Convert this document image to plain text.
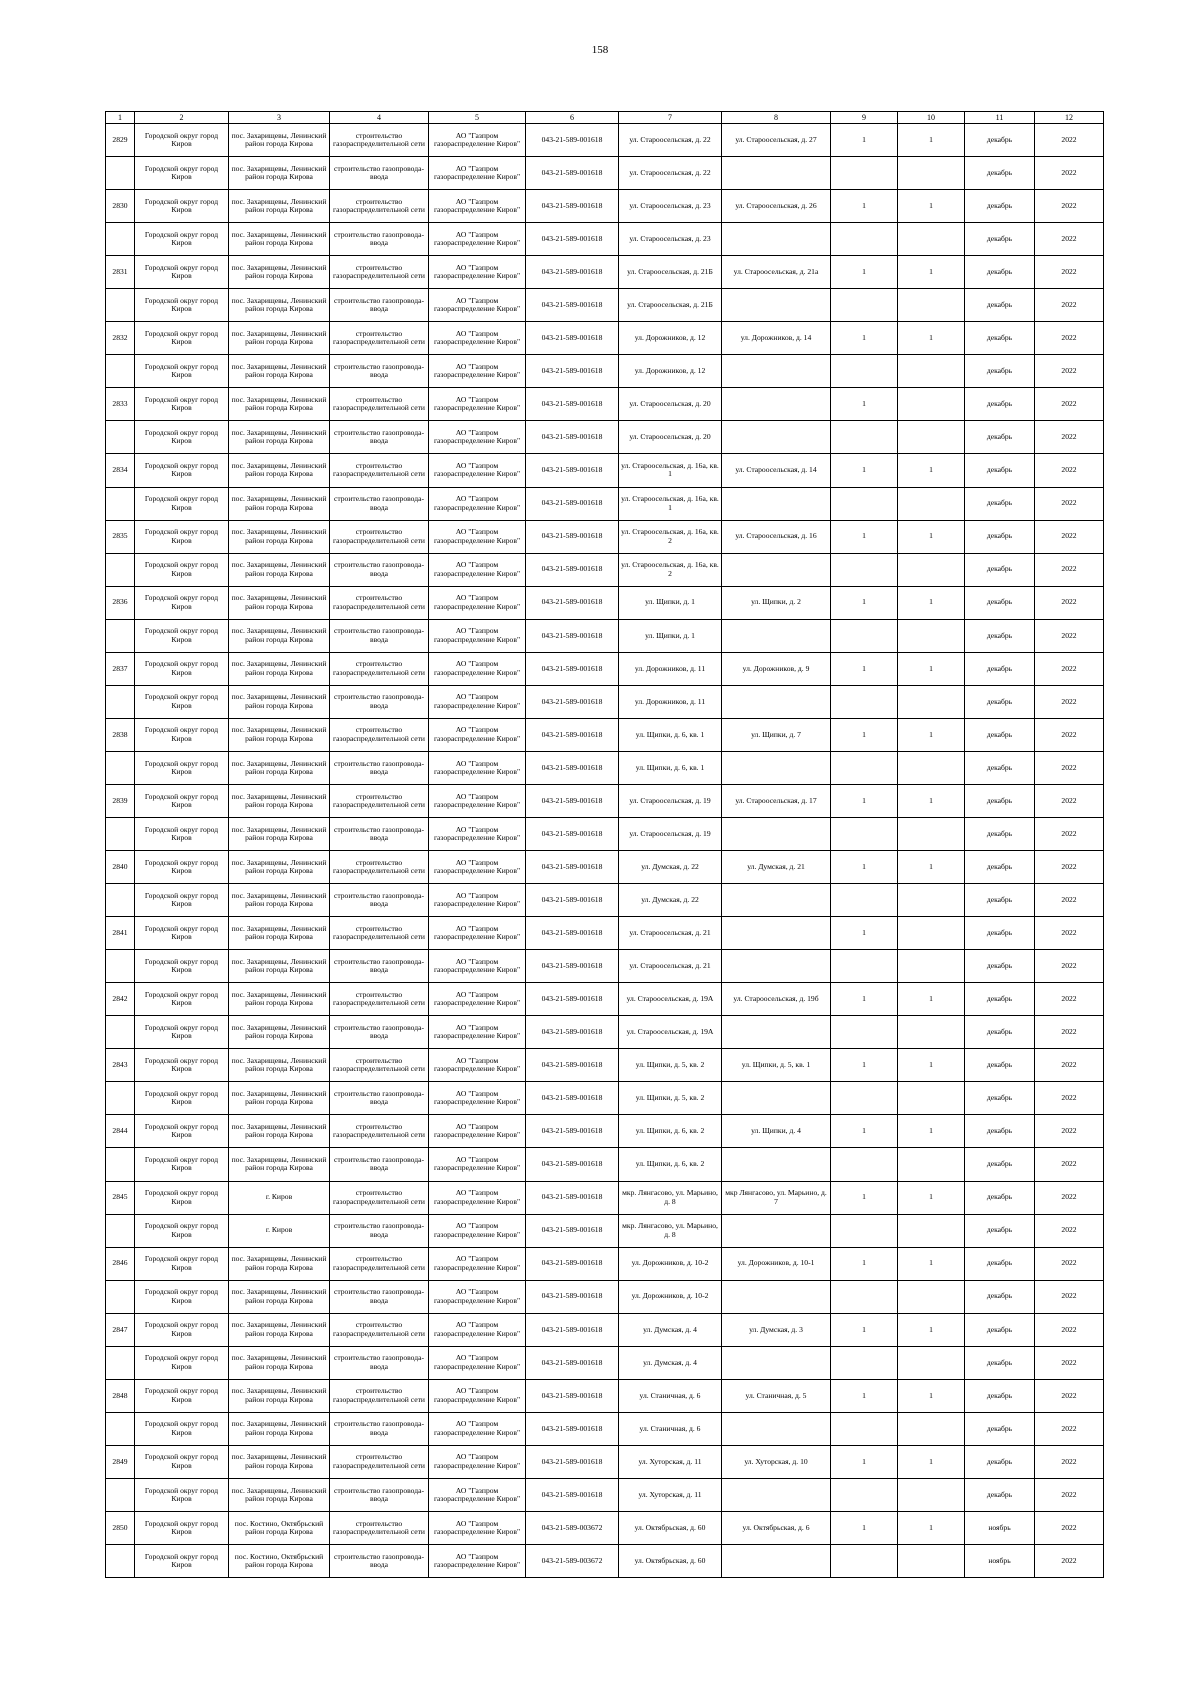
158
1	2	3	4	5	6	7	8	9	10	11	12
2829	Городской округ город Киров	пос. Захарищевы, Ленинский район города Кирова	строительство газораспределительной сети	АО "Газпром газораспределение Киров"	043-21-589-001618	ул. Староосельская, д. 22	ул. Староосельская, д. 27	1	1	декабрь	2022
	Городской округ город Киров	пос. Захарищевы, Ленинский район города Кирова	строительство газопровода-ввода	АО "Газпром газораспределение Киров"	043-21-589-001618	ул. Староосельская, д. 22				декабрь	2022
2830	Городской округ город Киров	пос. Захарищевы, Ленинский район города Кирова	строительство газораспределительной сети	АО "Газпром газораспределение Киров"	043-21-589-001618	ул. Староосельская, д. 23	ул. Староосельская, д. 26	1	1	декабрь	2022
	Городской округ город Киров	пос. Захарищевы, Ленинский район города Кирова	строительство газопровода-ввода	АО "Газпром газораспределение Киров"	043-21-589-001618	ул. Староосельская, д. 23				декабрь	2022
2831	Городской округ город Киров	пос. Захарищевы, Ленинский район города Кирова	строительство газораспределительной сети	АО "Газпром газораспределение Киров"	043-21-589-001618	ул. Староосельская, д. 21Б	ул. Староосельская, д. 21а	1	1	декабрь	2022
	Городской округ город Киров	пос. Захарищевы, Ленинский район города Кирова	строительство газопровода-ввода	АО "Газпром газораспределение Киров"	043-21-589-001618	ул. Староосельская, д. 21Б				декабрь	2022
2832	Городской округ город Киров	пос. Захарищевы, Ленинский район города Кирова	строительство газораспределительной сети	АО "Газпром газораспределение Киров"	043-21-589-001618	ул. Дорожников, д. 12	ул. Дорожников, д. 14	1	1	декабрь	2022
	Городской округ город Киров	пос. Захарищевы, Ленинский район города Кирова	строительство газопровода-ввода	АО "Газпром газораспределение Киров"	043-21-589-001618	ул. Дорожников, д. 12				декабрь	2022
2833	Городской округ город Киров	пос. Захарищевы, Ленинский район города Кирова	строительство газораспределительной сети	АО "Газпром газораспределение Киров"	043-21-589-001618	ул. Староосельская, д. 20		1		декабрь	2022
	Городской округ город Киров	пос. Захарищевы, Ленинский район города Кирова	строительство газопровода-ввода	АО "Газпром газораспределение Киров"	043-21-589-001618	ул. Староосельская, д. 20				декабрь	2022
2834	Городской округ город Киров	пос. Захарищевы, Ленинский район города Кирова	строительство газораспределительной сети	АО "Газпром газораспределение Киров"	043-21-589-001618	ул. Староосельская, д. 16а, кв. 1	ул. Староосельская, д. 14	1	1	декабрь	2022
	Городской округ город Киров	пос. Захарищевы, Ленинский район города Кирова	строительство газопровода-ввода	АО "Газпром газораспределение Киров"	043-21-589-001618	ул. Староосельская, д. 16а, кв. 1				декабрь	2022
2835	Городской округ город Киров	пос. Захарищевы, Ленинский район города Кирова	строительство газораспределительной сети	АО "Газпром газораспределение Киров"	043-21-589-001618	ул. Староосельская, д. 16а, кв. 2	ул. Староосельская, д. 16	1	1	декабрь	2022
	Городской округ город Киров	пос. Захарищевы, Ленинский район города Кирова	строительство газопровода-ввода	АО "Газпром газораспределение Киров"	043-21-589-001618	ул. Староосельская, д. 16а, кв. 2				декабрь	2022
2836	Городской округ город Киров	пос. Захарищевы, Ленинский район города Кирова	строительство газораспределительной сети	АО "Газпром газораспределение Киров"	043-21-589-001618	ул. Щипки, д. 1	ул. Щипки, д. 2	1	1	декабрь	2022
	Городской округ город Киров	пос. Захарищевы, Ленинский район города Кирова	строительство газопровода-ввода	АО "Газпром газораспределение Киров"	043-21-589-001618	ул. Щипки, д. 1				декабрь	2022
2837	Городской округ город Киров	пос. Захарищевы, Ленинский район города Кирова	строительство газораспределительной сети	АО "Газпром газораспределение Киров"	043-21-589-001618	ул. Дорожников, д. 11	ул. Дорожников, д. 9	1	1	декабрь	2022
	Городской округ город Киров	пос. Захарищевы, Ленинский район города Кирова	строительство газопровода-ввода	АО "Газпром газораспределение Киров"	043-21-589-001618	ул. Дорожников, д. 11				декабрь	2022
2838	Городской округ город Киров	пос. Захарищевы, Ленинский район города Кирова	строительство газораспределительной сети	АО "Газпром газораспределение Киров"	043-21-589-001618	ул. Щипки, д. 6, кв. 1	ул. Щипки, д. 7	1	1	декабрь	2022
	Городской округ город Киров	пос. Захарищевы, Ленинский район города Кирова	строительство газопровода-ввода	АО "Газпром газораспределение Киров"	043-21-589-001618	ул. Щипки, д. 6, кв. 1				декабрь	2022
2839	Городской округ город Киров	пос. Захарищевы, Ленинский район города Кирова	строительство газораспределительной сети	АО "Газпром газораспределение Киров"	043-21-589-001618	ул. Староосельская, д. 19	ул. Староосельская, д. 17	1	1	декабрь	2022
	Городской округ город Киров	пос. Захарищевы, Ленинский район города Кирова	строительство газопровода-ввода	АО "Газпром газораспределение Киров"	043-21-589-001618	ул. Староосельская, д. 19				декабрь	2022
2840	Городской округ город Киров	пос. Захарищевы, Ленинский район города Кирова	строительство газораспределительной сети	АО "Газпром газораспределение Киров"	043-21-589-001618	ул. Думская, д. 22	ул. Думская, д. 21	1	1	декабрь	2022
	Городской округ город Киров	пос. Захарищевы, Ленинский район города Кирова	строительство газопровода-ввода	АО "Газпром газораспределение Киров"	043-21-589-001618	ул. Думская, д. 22				декабрь	2022
2841	Городской округ город Киров	пос. Захарищевы, Ленинский район города Кирова	строительство газораспределительной сети	АО "Газпром газораспределение Киров"	043-21-589-001618	ул. Староосельская, д. 21		1		декабрь	2022
	Городской округ город Киров	пос. Захарищевы, Ленинский район города Кирова	строительство газопровода-ввода	АО "Газпром газораспределение Киров"	043-21-589-001618	ул. Староосельская, д. 21				декабрь	2022
2842	Городской округ город Киров	пос. Захарищевы, Ленинский район города Кирова	строительство газораспределительной сети	АО "Газпром газораспределение Киров"	043-21-589-001618	ул. Староосельская, д. 19А	ул. Староосельская, д. 19б	1	1	декабрь	2022
	Городской округ город Киров	пос. Захарищевы, Ленинский район города Кирова	строительство газопровода-ввода	АО "Газпром газораспределение Киров"	043-21-589-001618	ул. Староосельская, д. 19А				декабрь	2022
2843	Городской округ город Киров	пос. Захарищевы, Ленинский район города Кирова	строительство газораспределительной сети	АО "Газпром газораспределение Киров"	043-21-589-001618	ул. Щипки, д. 5, кв. 2	ул. Щипки, д. 5, кв. 1	1	1	декабрь	2022
	Городской округ город Киров	пос. Захарищевы, Ленинский район города Кирова	строительство газопровода-ввода	АО "Газпром газораспределение Киров"	043-21-589-001618	ул. Щипки, д. 5, кв. 2				декабрь	2022
2844	Городской округ город Киров	пос. Захарищевы, Ленинский район города Кирова	строительство газораспределительной сети	АО "Газпром газораспределение Киров"	043-21-589-001618	ул. Щипки, д. 6, кв. 2	ул. Щипки, д. 4	1	1	декабрь	2022
	Городской округ город Киров	пос. Захарищевы, Ленинский район города Кирова	строительство газопровода-ввода	АО "Газпром газораспределение Киров"	043-21-589-001618	ул. Щипки, д. 6, кв. 2				декабрь	2022
2845	Городской округ город Киров	г. Киров	строительство газораспределительной сети	АО "Газпром газораспределение Киров"	043-21-589-001618	мкр. Лянгасово, ул. Марьино, д. 8	мкр Лянгасово, ул. Марьино, д. 7	1	1	декабрь	2022
	Городской округ город Киров	г. Киров	строительство газопровода-ввода	АО "Газпром газораспределение Киров"	043-21-589-001618	мкр. Лянгасово, ул. Марьино, д. 8				декабрь	2022
2846	Городской округ город Киров	пос. Захарищевы, Ленинский район города Кирова	строительство газораспределительной сети	АО "Газпром газораспределение Киров"	043-21-589-001618	ул. Дорожников, д. 10-2	ул. Дорожников, д. 10-1	1	1	декабрь	2022
	Городской округ город Киров	пос. Захарищевы, Ленинский район города Кирова	строительство газопровода-ввода	АО "Газпром газораспределение Киров"	043-21-589-001618	ул. Дорожников, д. 10-2				декабрь	2022
2847	Городской округ город Киров	пос. Захарищевы, Ленинский район города Кирова	строительство газораспределительной сети	АО "Газпром газораспределение Киров"	043-21-589-001618	ул. Думская, д. 4	ул. Думская, д. 3	1	1	декабрь	2022
	Городской округ город Киров	пос. Захарищевы, Ленинский район города Кирова	строительство газопровода-ввода	АО "Газпром газораспределение Киров"	043-21-589-001618	ул. Думская, д. 4				декабрь	2022
2848	Городской округ город Киров	пос. Захарищевы, Ленинский район города Кирова	строительство газораспределительной сети	АО "Газпром газораспределение Киров"	043-21-589-001618	ул. Станичная, д. 6	ул. Станичная, д. 5	1	1	декабрь	2022
	Городской округ город Киров	пос. Захарищевы, Ленинский район города Кирова	строительство газопровода-ввода	АО "Газпром газораспределение Киров"	043-21-589-001618	ул. Станичная, д. 6				декабрь	2022
2849	Городской округ город Киров	пос. Захарищевы, Ленинский район города Кирова	строительство газораспределительной сети	АО "Газпром газораспределение Киров"	043-21-589-001618	ул. Хуторская, д. 11	ул. Хуторская, д. 10	1	1	декабрь	2022
	Городской округ город Киров	пос. Захарищевы, Ленинский район города Кирова	строительство газопровода-ввода	АО "Газпром газораспределение Киров"	043-21-589-001618	ул. Хуторская, д. 11				декабрь	2022
2850	Городской округ город Киров	пос. Костино, Октябрьский район города Кирова	строительство газораспределительной сети	АО "Газпром газораспределение Киров"	043-21-589-003672	ул. Октябрьская, д. 60	ул. Октябрьская, д. 6	1	1	ноябрь	2022
	Городской округ город Киров	пос. Костино, Октябрьский район города Кирова	строительство газопровода-ввода	АО "Газпром газораспределение Киров"	043-21-589-003672	ул. Октябрьская, д. 60				ноябрь	2022
